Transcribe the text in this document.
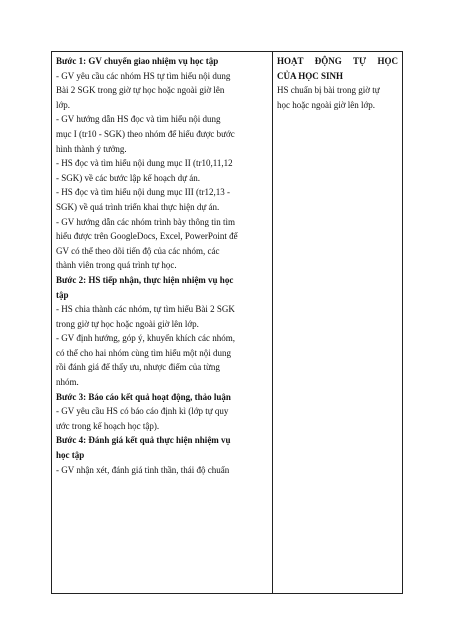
Bước 1: GV chuyển giao nhiệm vụ học tập
- GV yêu cầu các nhóm HS tự tìm hiểu nội dung
Bài 2 SGK trong giờ tự học hoặc ngoài giờ lên
lớp.
- GV hướng dẫn HS đọc và tìm hiểu nội dung
mục I (tr10 - SGK) theo nhóm để hiểu được bước
hình thành ý tưởng.
- HS đọc và tìm hiểu nội dung mục II (tr10,11,12
- SGK) về các bước lập kế hoạch dự án.
- HS đọc và tìm hiểu nội dung mục III (tr12,13 -
SGK) về quá trình triển khai thực hiện dự án.
- GV hướng dẫn các nhóm trình bày thông tin tìm
hiểu được trên GoogleDocs, Excel, PowerPoint để
GV có thể theo dõi tiến độ của các nhóm, các
thành viên trong quá trình tự học.
Bước 2: HS tiếp nhận, thực hiện nhiệm vụ học
tập
- HS chia thành các nhóm, tự tìm hiểu Bài 2 SGK
trong giờ tự học hoặc ngoài giờ lên lớp.
- GV định hướng, góp ý, khuyến khích các nhóm,
có thể cho hai nhóm cùng tìm hiểu một nội dung
rồi đánh giá để thấy ưu, nhược điểm của từng
nhóm.
Bước 3: Báo cáo kết quả hoạt động, thảo luận
- GV yêu cầu HS có báo cáo định kì (lớp tự quy
ước trong kế hoạch học tập).
Bước 4: Đánh giá kết quả thực hiện nhiệm vụ
học tập
- GV nhận xét, đánh giá tinh thần, thái độ chuẩn

HOẠT ĐỘNG TỰ HỌC
CỦA HỌC SINH
HS chuẩn bị bài trong giờ tự
học hoặc ngoài giờ lên lớp.
